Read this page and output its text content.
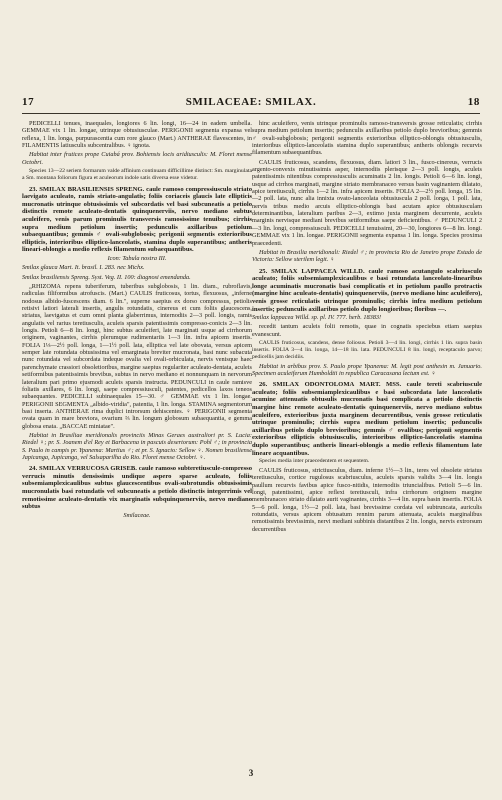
17	SMILACEAE: SMILAX.	18

PEDICELLI tenues, inaequales, longiores 6 lin. longi, 16—24 in eadem umbella. GEMMAE vix 1 lin. longae, utrinque obtusiusculae. PERIGONII segmenta expansa vel reflexa, 1 lin. longa, purpurascentia cum rore glauco (Mart.) ANTHERAE flavescentes, in FILAMENTIS latiusculis subcentralibus. ♀ ignota.

Habitat inter frutices prope Cuiabá prov. Bohiensis locis aridiusculis: M. Floret mense Octobri.

Species 13—22 seriem formarum valde affinium continuam difficillime distinct: Sm. marginulata a Sm. montana foliorum figura et aculeorum indole satis diversa esse videtur.

23. SMILAX BRASILIENSIS SPRENG. caule ramoso compressiusculo striato laevigato aculeato, ramis striato-angulatis; foliis coriaceis glaucis late ellipticis mucronatis utrinque obtusissimis vel subcordatis vel basi subcuneatis a petiolo distinctis remote aculeato-dentatis quinquenerviis, nervo mediano subtus aculeifero, venis parum prominulis transversis ramosissime tenuibus; cirrhis supra medium petiolum insertis; pedunculis axillaribus petiolum subaequantibus; gemmis ♂ ovali-subglobosis; perigonii segmentis exterioribus ellipticis, interioribus elliptico-lanceolatis, stamina duplo superantibus; antheris lineari-oblongis a medio reflexis filamentum subaequantibus.

Icon: Tabula nostra III.

Smilax glauca Mart. It. brasil. I. 283. nec Michx.

Smilax brasiliensis Spreng. Syst. Veg. II. 100: diagnosi emendanda.

„RHIZOMA repens tuberiferum, tuberibus subglobosis, 1 lin. diam., rubroflavis, radiculas filiformibus atrofuscis. (Mart.) CAULIS fruticosus, tortus, flexuosus, „inferne nodosus albido-fuscescens diam. 6 lin.", superne saepius ex dorso compressus, petiolis retisivi latiori laterali insertis, angulis rotundatis, cinereus et cum foliis glaucescens, striatus, laevigatus et cum omni planta glaberrimus, internodiis 2—3 poll. longis, ramis angulatis vel rarius teretiusculis, aculeis sparsis patentissimis compresso-conicis 2—3 lin. longis. Petioli 6—8 lin. longi, hinc subtus aculeiferi, late marginati usque ad cirrhorum originem, vaginantes, cirrhis plerumque rudimentariis 1—3 lin. infra apicem insertis. FOLIA 1⅓—2½ poll. longa, 1—1½ poll. lata, elliptica vel late obovata, versus apicem semper late rotundata obtusissima vel emarginata breviter mucronata, basi nunc subacuta nunc rotundata vel subcordata indeque ovalia vel ovali-orbiculata, nervis venisque haec parenchymate crassiori obsoletioribus, margine saepius regulariter aculeato-dentata, aculeis setiformibus patentissimis brevibus, subtus in nervo mediano et nonnunquam in nervorum lateralium pari primo ejusmodi aculeis sparsis instructa. PEDUNCULI in caule ramisve foliatis axillares, 6 lin. longi, saepe compressiusculi, patentes, pedicellos laxos teneos subaequantes. PEDICELLI subinaequales 15—30. ♂ GEMMAE vix 1 lin. longae. PERIGONII SEGMENTA „albido-viridia", patentia, 1 lin. longa. STAMINA segmentorum basi inserta. ANTHERAE rima duplici introrsum dehiscentes. ♀ PERIGONII segmenta ovata quam in mare breviora, ovarium ⅔ lin. longum globosum subaequantia, e gemma globosa enata. „BACCAE miniatae".

Habitat in Brasiliae meridionalis provinciis Minas Geraes australiori pr. S. Lucia: Riedel ♀; pr. S. Joanem d'el Rey et Barbacena in pascuis desertorum: Pohl ♂; in provincia S. Paulo in campis pr. Ypanema: Martius ♂; et pr. S. Ignacio: Sellow ♀. Nomen brasiliense Japicanga, Jupicanga, vel Salsaparilha do Rio. Floret mense Octobri. ♀.

24. SMILAX VERRUCOSA GRISEB. caule ramoso subteretiuscule-compresso verrucis minutis densissimis undique aspero sparse aculeato, foliis subsemiamplexicaulibus subtus glaucescentibus ovali-subrotundis obtusissimis mucronulatis basi rotundatis vel subcuneatis a petiolo distinctis integerrimis vel remotissime aculeato-dentatis vix marginatis subquinquenerviis, nervo mediano subtus

Smilaceae.

hinc aculeifero, venis utrinque prominulis ramoso-transversis grosse reticulatis; cirrhis supra medium petiolum insertis; pedunculis axillaribus petiolo duplo brevioribus; gemmis ♂ ovali-subglobosis; perigonii segmentis exterioribus elliptico-oblongis obtusiusculis, interioribus elliptico-lanceolatis stamina duplo superantibus; antheris oblongis recurvis filamentum subaequantibus.

CAULIS fruticosus, scandens, flexuosus, diam. latiori 3 lin., fusco-cinereus, verrucis argento-convexis minutissimis asper, internodiis plerisque 2—3 poll. longis, aculeis patentissimis nitentibus compressiusculis acuminatis 2 lin. longis. Petioli 6—6 lin. longi, usque ad cirrhos marginati, margine striato membranaceo versus basin vaginantem dilatato, apice teretiusculi, cirrhis 1—2 lin. infra apicem insertis. FOLIA 2—2½ poll. longa, 15 lin.—2 poll. lata, nunc alia innixta ovato-lanceolata obtusiuscula 2 poll. longa, 1 poll. lata, nervis tribus medio arcuis elliptico-oblongis basi acutam apice obtusiusculam determinantibus, lateralium paribus 2—3, extimo juxta marginem decurrente, aculeis marginis nervisque mediani brevibus setiformibus saepe deficientibus. ♂ PEDUNCULI 2—3 lin. longi, compressiusculi. PEDICELLI tenuissimi, 20—30, longiores 6—8 lin. longi. GEMMAE vix 1 lin. longae. PERIGONII segmenta expansa 1 lin. longa. Species proxima praecedenti.

Habitat in Brasilia meridionali: Riedel ♂; in provincia Rio de Janeiro prope Estado de Victoria: Sellow sterilem legit. ♀

25. SMILAX LAPPACEA WILLD. caule ramoso acutangulo scabriusculo aculeato; foliis subsemiamplexicaulibus e basi rotundata lanceolato-linearibus longe acuminatis mucronatis basi complicatis et in petiolum paullo protractis (margine hinc aculeato-dentatis) quinquenerviis, (nervo mediano hinc aculeifero), venis grosse reticulatis utrinque prominulis; cirrhis infra medium petiolum insertis; pedunculis axillaribus petiolo duplo longioribus; floribus —.

Smilax lappacea Willd. sp. pl. IV. 777. herb. 18383!

recedit tantum aculeis folii remotis, quae in cognatis speciebus etiam saepius evanescunt.

CAULIS fruticosus, scandens, dense foliosus. Petioli 3—4 lin. longi, cirrhis 1 lin. supra basin insertis. FOLIA 3—4 lin. longa, 14—18 lin. lata. PEDUNCULI 8 lin. longi, receptaculo parvo; pedicellis jam decidiis.

Habitat in arbibus prov. S. Paulo prope Ypanema: M. legit post anthesin m. Januario. Specimen aculeiferum Humboldtii in republica Caracasana lectum est. ♀

26. SMILAX ODONTOLOMA MART. MSS. caule tereti scabriuscule aculeato; foliis subsemiamplexicaulibus e basi subcordata late lanceolatis acumine attenuatis obtusulis mucronatis basi complicata a petiolo distinctis margine hinc remote aculeato-dentatis quinquenerviis, nervo mediano subtus aculeifero, exterioribus juxta marginem decurrentibus, venis grosse reticulatis utrinque prominulis; cirrhis supra medium petiolum insertis; pedunculis axillaribus petiolo duplo brevioribus; gemmis ♂ ovalibus; perigonii segmentis exterioribus ellipticis obtusiusculis, interioribus elliptico-lanceolatis stamina duplo superantibus; antheris lineari-oblongis a medio reflexis filamentum late lineare acquantibus.

Species media inter praecedentem et sequentem.

CAULIS fruticosus, strictiusculus, diam. inferne 1½—3 lin., teres vel obsolete striatus teretiusculus, cortice rugulosus scabriusculus, aculeis sparsis validis 3—4 lin. longis paullum recurvis favibus apice fusco-nitidis, internodiis triuncialibus. Petioli 5—6 lin. longi, patentissimi, apice reflexi teretiusculi, infra cirrhorum originem margine membranaceo striato dilatato aurit vaginantes, cirrhis 3—4 lin. supra basin insertis. FOLIA 5—6 poll. longa, 1½—2 poll. lata, basi brevissime cordata vel subtruncata, auriculis rotundatis, versus apicem obtusatum rennim parum attenuata, aculeis marginalibus remotissimis brevissimis, nervi mediani subbinis distantibus 2 lin. longis, nervis extrorsum decurrentibus

3
